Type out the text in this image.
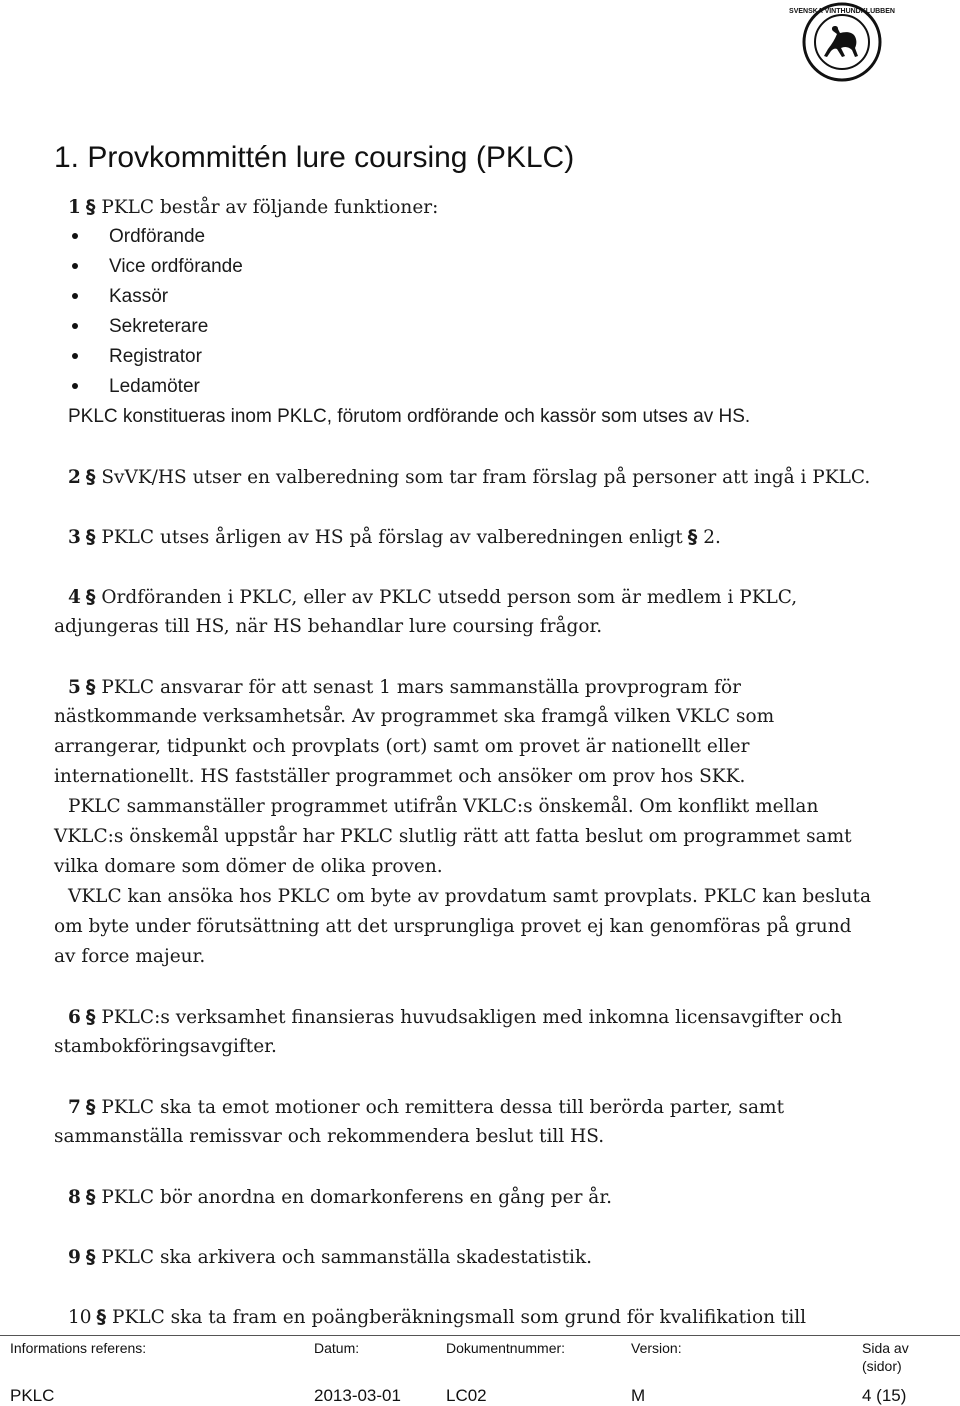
SVENSKA VINTHUNDKLUBBEN
1. Provkommittén lure coursing (PKLC)
1 § PKLC består av följande funktioner:
Ordförande
Vice ordförande
Kassör
Sekreterare
Registrator
Ledamöter
PKLC konstitueras inom PKLC, förutom ordförande och kassör som utses av HS.
2 § SvVK/HS utser en valberedning som tar fram förslag på personer att ingå i PKLC.
3 § PKLC utses årligen av HS på förslag av valberedningen enligt § 2.
4 § Ordföranden i PKLC, eller av PKLC utsedd person som är medlem i PKLC,
adjungeras till HS, när HS behandlar lure coursing frågor.
5 § PKLC ansvarar för att senast 1 mars sammanställa provprogram för
nästkommande verksamhetsår. Av programmet ska framgå vilken VKLC som
arrangerar, tidpunkt och provplats (ort) samt om provet är nationellt eller
internationellt. HS fastställer programmet och ansöker om prov hos SKK.
PKLC sammanställer programmet utifrån VKLC:s önskemål. Om konflikt mellan
VKLC:s önskemål uppstår har PKLC slutlig rätt att fatta beslut om programmet samt
vilka domare som dömer de olika proven.
VKLC kan ansöka hos PKLC om byte av provdatum samt provplats. PKLC kan besluta
om byte under förutsättning att det ursprungliga provet ej kan genomföras på grund
av force majeur.
6 § PKLC:s verksamhet finansieras huvudsakligen med inkomna licensavgifter och
stambokföringsavgifter.
7 § PKLC ska ta emot motioner och remittera dessa till berörda parter, samt
sammanställa remissvar och rekommendera beslut till HS.
8 § PKLC bör anordna en domarkonferens en gång per år.
9 § PKLC ska arkivera och sammanställa skadestatistik.
10 § PKLC ska ta fram en poängberäkningsmall som grund för kvalifikation till
Informations referens:	Datum:	Dokumentnummer:	Version:	Sida av
(sidor)
PKLC	2013-03-01	LC02	M	4 (15)
